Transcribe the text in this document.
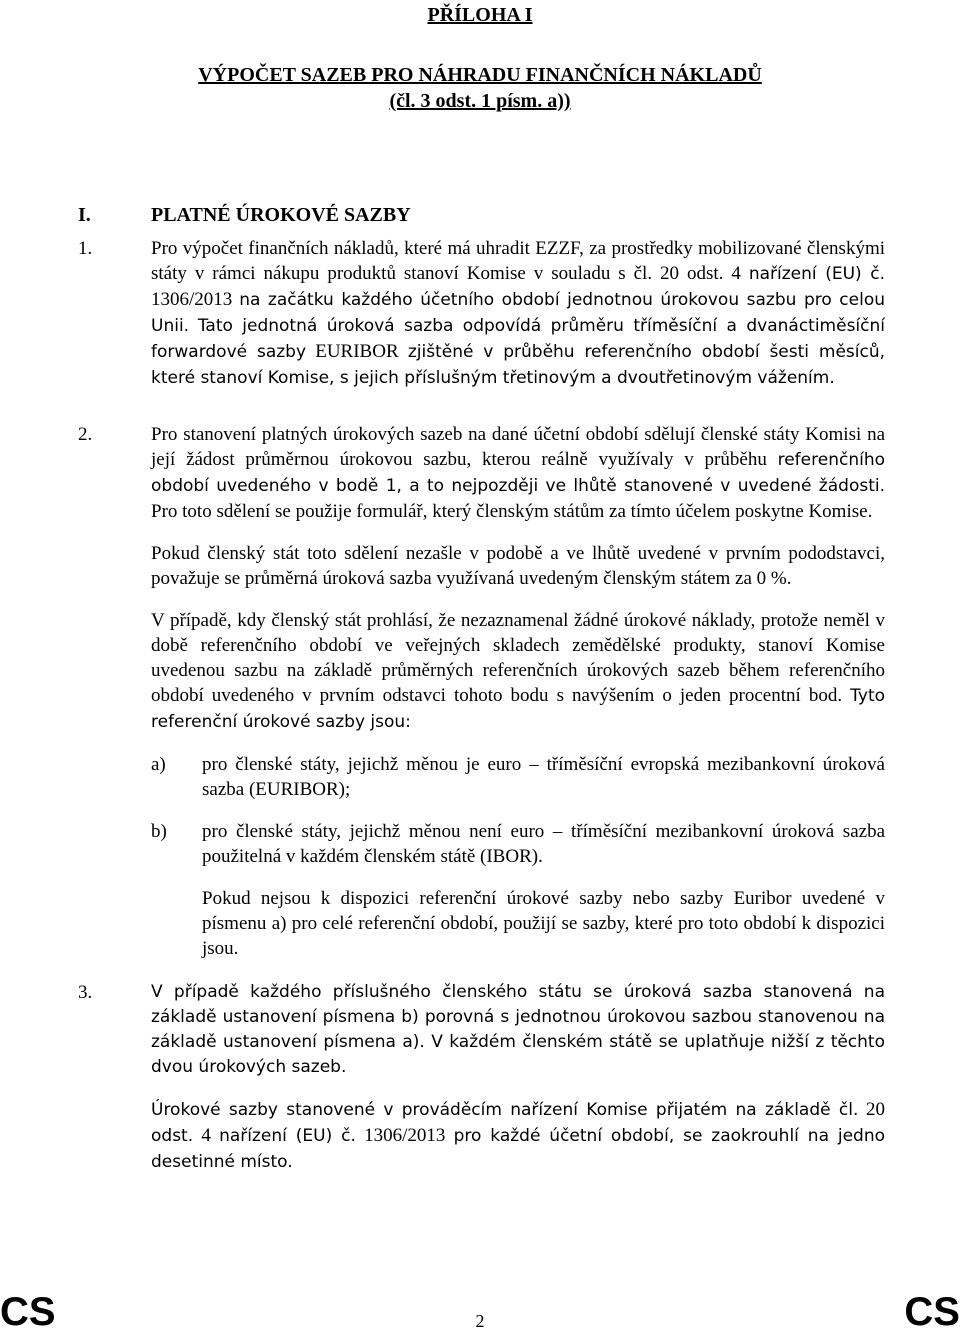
PŘÍLOHA I
VÝPOČET SAZEB PRO NÁHRADU FINANČNÍCH NÁKLADŮ
(čl. 3 odst. 1 písm. a))
I.	PLATNÉ ÚROKOVÉ SAZBY
1.	Pro výpočet finančních nákladů, které má uhradit EZZF, za prostředky mobilizované členskými státy v rámci nákupu produktů stanoví Komise v souladu s čl. 20 odst. 4 nařízení (EU) č. 1306/2013 na začátku každého účetního období jednotnou úrokovou sazbu pro celou Unii. Tato jednotná úroková sazba odpovídá průměru tříměsíční a dvanáctiměsíční forwardové sazby EURIBOR zjištěné v průběhu referenčního období šesti měsíců, které stanoví Komise, s jejich příslušným třetinovým a dvoutřetinovým vážením.

2.	Pro stanovení platných úrokových sazeb na dané účetní období sdělují členské státy Komisi na její žádost průměrnou úrokovou sazbu, kterou reálně využívaly v průběhu referenčního období uvedeného v bodě 1, a to nejpozději ve lhůtě stanovené v uvedené žádosti. Pro toto sdělení se použije formulář, který členským státům za tímto účelem poskytne Komise.

Pokud členský stát toto sdělení nezašle v podobě a ve lhůtě uvedené v prvním pododstavci, považuje se průměrná úroková sazba využívaná uvedeným členským státem za 0 %.

V případě, kdy členský stát prohlásí, že nezaznamenal žádné úrokové náklady, protože neměl v době referenčního období ve veřejných skladech zemědělské produkty, stanoví Komise uvedenou sazbu na základě průměrných referenčních úrokových sazeb během referenčního období uvedeného v prvním odstavci tohoto bodu s navýšením o jeden procentní bod. Tyto referenční úrokové sazby jsou:

a) pro členské státy, jejichž měnou je euro – tříměsíční evropská mezibankovní úroková sazba (EURIBOR);

b) pro členské státy, jejichž měnou není euro – tříměsíční mezibankovní úroková sazba použitelná v každém členském státě (IBOR).

Pokud nejsou k dispozici referenční úrokové sazby nebo sazby Euribor uvedené v písmenu a) pro celé referenční období, použijí se sazby, které pro toto období k dispozici jsou.

3.	V případě každého příslušného členského státu se úroková sazba stanovená na základě ustanovení písmena b) porovná s jednotnou úrokovou sazbou stanovenou na základě ustanovení písmena a). V každém členském státě se uplatňuje nižší z těchto dvou úrokových sazeb.

Úrokové sazby stanovené v prováděcím nařízení Komise přijatém na základě čl. 20 odst. 4 nařízení (EU) č. 1306/2013 pro každé účetní období, se zaokrouhlí na jedno desetinné místo.

CS	2	CS
